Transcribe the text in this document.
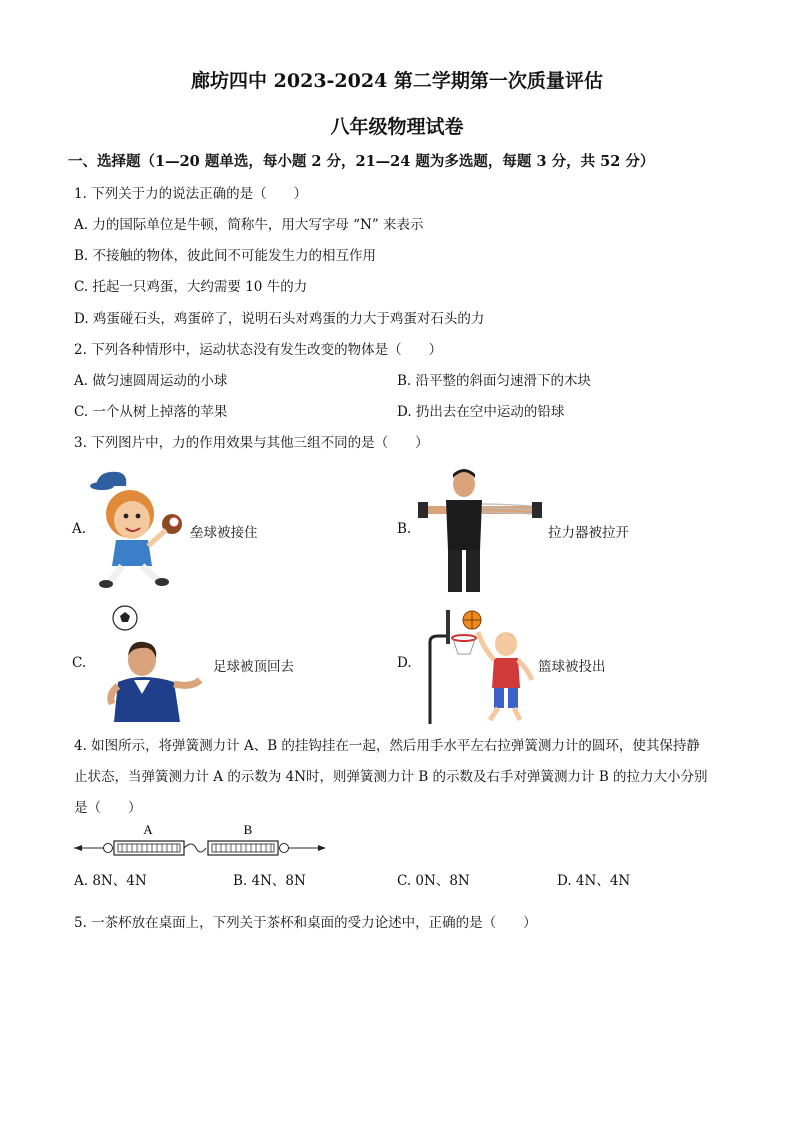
廊坊四中 2023-2024 第二学期第一次质量评估
八年级物理试卷
一、选择题（1—20 题单选，每小题 2 分，21—24 题为多选题，每题 3 分，共 52 分）
1. 下列关于力的说法正确的是（　　）
A. 力的国际单位是牛顿，简称牛，用大写字母 “N” 来表示
B. 不接触的物体，彼此间不可能发生力的相互作用
C. 托起一只鸡蛋，大约需要 10 牛的力
D. 鸡蛋碰石头，鸡蛋碎了，说明石头对鸡蛋的力大于鸡蛋对石头的力
2. 下列各种情形中，运动状态没有发生改变的物体是（　　）
A. 做匀速圆周运动的小球	B. 沿平整的斜面匀速滑下的木块
C. 一个从树上掉落的苹果	D. 扔出去在空中运动的铅球
3. 下列图片中，力的作用效果与其他三组不同的是（　　）
A.	垒球被接住	B.	拉力器被拉开
C.	足球被顶回去	D.	篮球被投出
4. 如图所示，将弹簧测力计 A、B 的挂钩挂在一起，然后用手水平左右拉弹簧测力计的圆环，使其保持静
止状态，当弹簧测力计 A 的示数为 4N时，则弹簧测力计 B 的示数及右手对弹簧测力计 B 的拉力大小分别
是（　　）
A	B
A. 8N、4N	B. 4N、8N	C. 0N、8N	D. 4N、4N
5. 一茶杯放在桌面上，下列关于茶杯和桌面的受力论述中，正确的是（　　）
